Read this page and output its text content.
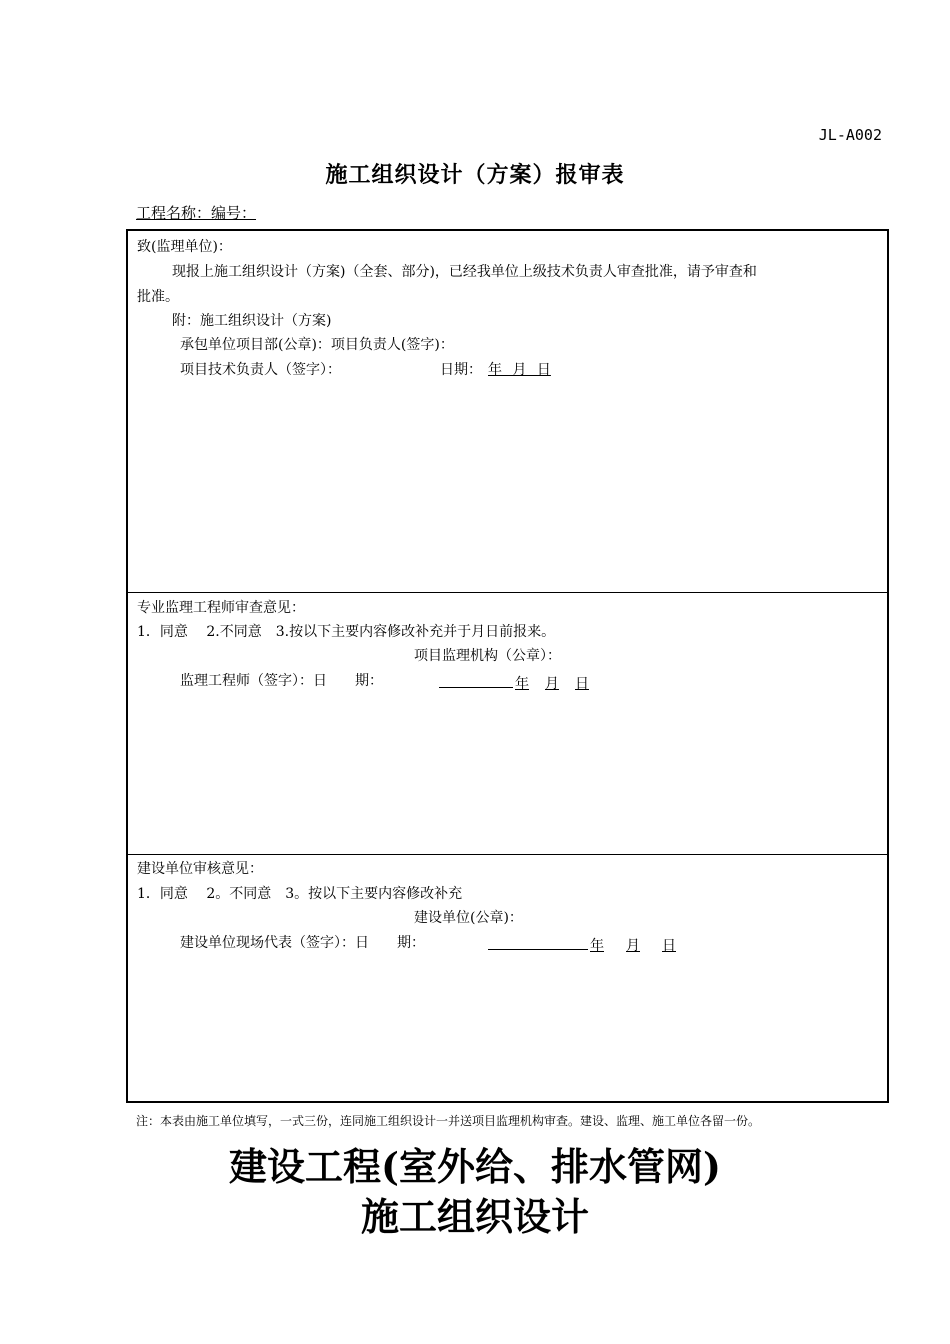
JL-A002
施工组织设计（方案）报审表
工程名称：编号：
致(监理单位)：
现报上施工组织设计（方案)（全套、部分)，已经我单位上级技术负责人审查批准，请予审查和
批准。
附：施工组织设计（方案)
承包单位项目部(公章)：项目负责人(签字)：
项目技术负责人（签字）：	日期： 年 月 日
专业监理工程师审查意见：
1．同意　 2.不同意　3.按以下主要内容修改补充并于月日前报来。
项目监理机构（公章）：
监理工程师（签字）：日　　期：	年 月 日
建设单位审核意见：
1．同意　 2。不同意　3。按以下主要内容修改补充
建设单位(公章)：
建设单位现场代表（签字）：日　　期：	年 月 日
注：本表由施工单位填写，一式三份，连同施工组织设计一并送项目监理机构审查。建设、监理、施工单位各留一份。
建设工程(室外给、排水管网)
施工组织设计
